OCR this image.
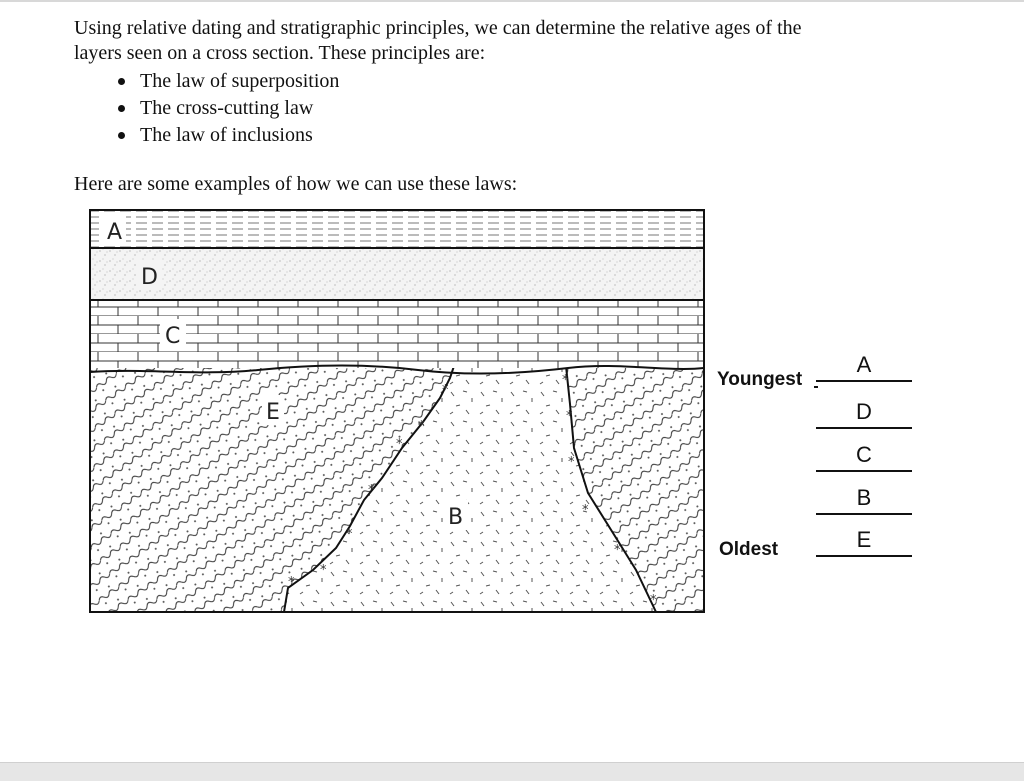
Using relative dating and stratigraphic principles, we can determine the relative ages of the

layers seen on a cross section. These principles are:

The law of superposition
The cross-cutting law
The law of inclusions

Here are some examples of how we can use these laws:

*
*
*
*
*
*
*
*
*
*
*
*
*
A
D
C
E
B
Youngest
A
D
C
B
E
Oldest
